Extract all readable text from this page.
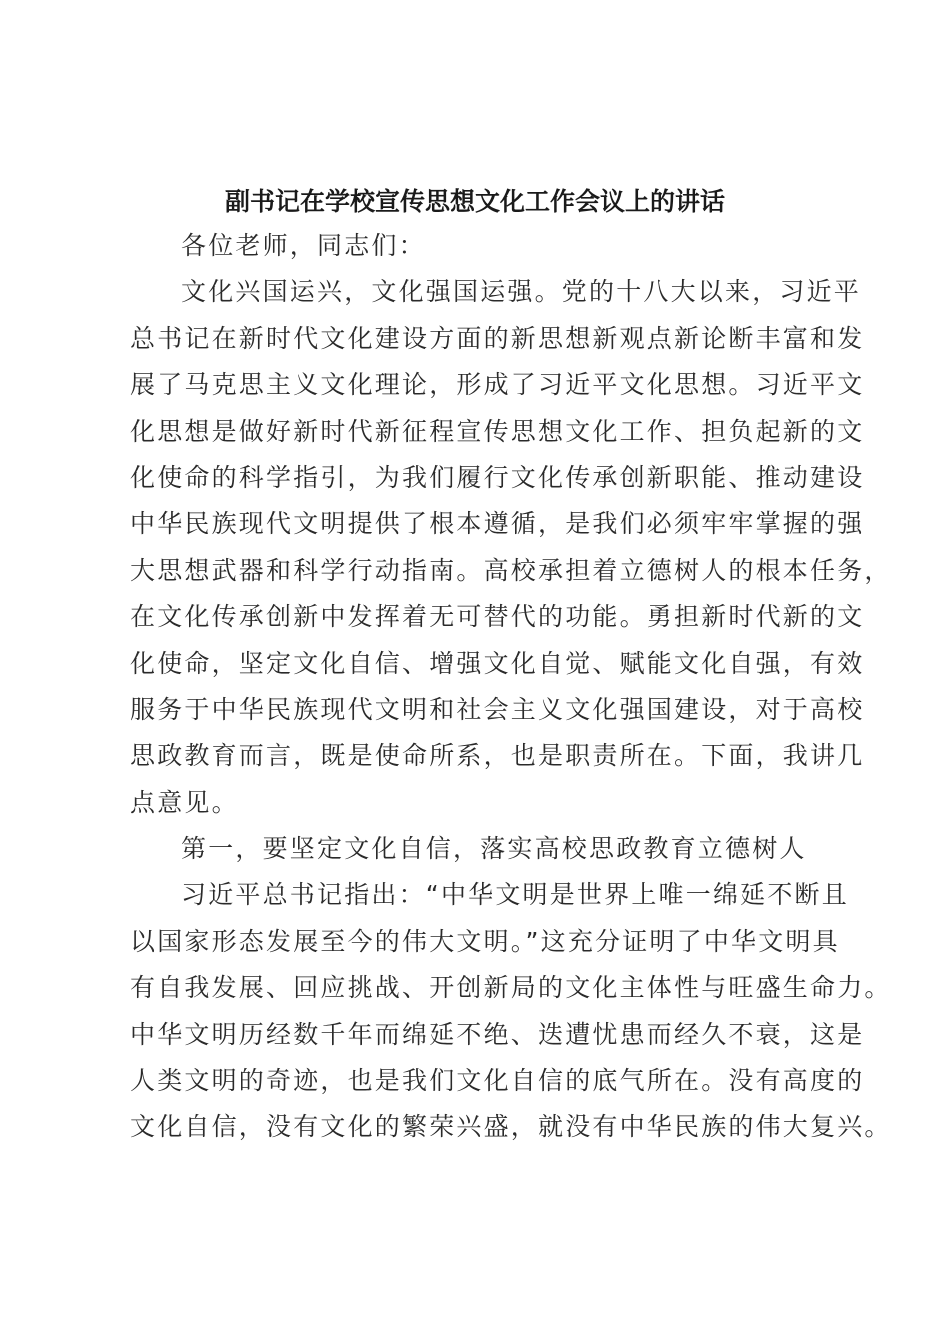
副书记在学校宣传思想文化工作会议上的讲话
各位老师，同志们：
文化兴国运兴，文化强国运强。党的十八大以来，习近平
总书记在新时代文化建设方面的新思想新观点新论断丰富和发
展了马克思主义文化理论，形成了习近平文化思想。习近平文
化思想是做好新时代新征程宣传思想文化工作、担负起新的文
化使命的科学指引，为我们履行文化传承创新职能、推动建设
中华民族现代文明提供了根本遵循，是我们必须牢牢掌握的强
大思想武器和科学行动指南。高校承担着立德树人的根本任务，
在文化传承创新中发挥着无可替代的功能。勇担新时代新的文
化使命，坚定文化自信、增强文化自觉、赋能文化自强，有效
服务于中华民族现代文明和社会主义文化强国建设，对于高校
思政教育而言，既是使命所系，也是职责所在。下面，我讲几
点意见。
第一，要坚定文化自信，落实高校思政教育立德树人
习近平总书记指出：“中华文明是世界上唯一绵延不断且
以国家形态发展至今的伟大文明。”这充分证明了中华文明具
有自我发展、回应挑战、开创新局的文化主体性与旺盛生命力。
中华文明历经数千年而绵延不绝、迭遭忧患而经久不衰，这是
人类文明的奇迹，也是我们文化自信的底气所在。没有高度的
文化自信，没有文化的繁荣兴盛，就没有中华民族的伟大复兴。
